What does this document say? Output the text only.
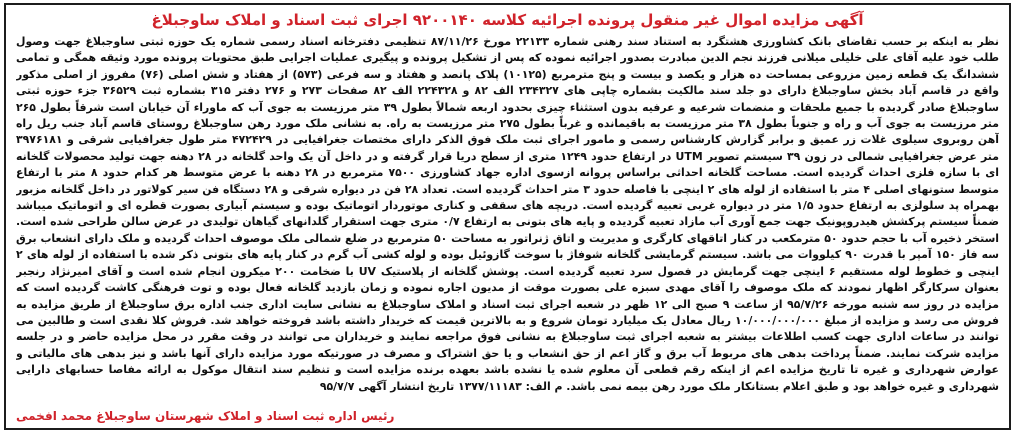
آگهی مزایده اموال غیر منقول پرونده اجرائیه کلاسه ۹۲۰۰۱۴۰ اجرای ثبت اسناد و املاک ساوجبلاغ
نظر به اینکه بر حسب تقاضای بانک کشاورزی هشتگرد به استناد سند رهنی شماره ۲۲۱۳۳ مورخ ۸۷/۱۱/۲۶ تنظیمی دفترخانه اسناد رسمی شماره یک حوزه ثبتی ساوجبلاغ جهت وصول طلب خود علیه آقای علی خلیلی میلانی فرزند نجم الدین مبادرت بصدور اجرائیه نموده که پس از تشکیل پرونده و پیگیری عملیات اجرایی طبق محتویات پرونده مورد وثیقه همگی و تمامی ششدانگ یک قطعه زمین مزروعی بمساحت ده هزار و یکصد و بیست و پنج مترمربع (۱۰۱۲۵) پلاک پانصد و هفتاد و سه فرعی (۵۷۳) از هفتاد و شش اصلی (۷۶) مفروز از اصلی مذکور واقع در قاسم آباد بخش ساوجبلاغ دارای دو جلد سند مالکیت بشماره چاپی های ۲۳۴۳۲۷ الف ۸۲ و ۲۲۴۳۲۸ الف ۸۲ صفحات ۲۷۳ و ۲۷۶ دفتر ۳۱۵ بشماره ثبت ۳۶۵۲۹ جزء حوزه ثبتی ساوجبلاغ صادر گردیده با جمیع ملحقات و منضمات شرعیه و عرفیه بدون استثناء چیزی بحدود اربعه شمالاً بطول ۳۹ متر مرزیست به جوی آب که ماوراء آن خیابان است شرقاً بطول ۲۶۵ متر مرزیست به جوی آب و راه و جنوباً بطول ۳۸ متر مرزیست به باقیمانده و غرباً بطول ۲۷۵ متر مرزیست به راه. به نشانی ملک مورد رهن ساوجبلاغ روستای قاسم آباد جنب ریل راه آهن روبروی سیلوی غلات زر عمیق و برابر گزارش کارشناس رسمی و مامور اجرای ثبت ملک فوق الذکر دارای مختصات جغرافیایی در ۴۷۲۴۲۹ متر طول جغرافیایی شرقی و ۳۹۷۶۱۸۱ متر عرض جغرافیایی شمالی در زون ۳۹ سیستم تصویر UTM در ارتفاع حدود ۱۲۴۹ متری از سطح دریا قرار گرفته و در داخل آن یک واحد گلخانه در ۲۸ دهنه جهت تولید محصولات گلخانه ای با سازه فلزی احداث گردیده است. مساحت گلخانه احداثی براساس پروانه ازسوی اداره جهاد کشاورزی ۷۵۰۰ مترمربع در ۲۸ دهنه با عرض متوسط هر کدام حدود ۸ متر با ارتفاع متوسط ستونهای اصلی ۴ متر با استفاده از لوله های ۲ اینچی با فاصله حدود ۳ متر احداث گردیده است. تعداد ۲۸ فن در دیواره شرقی و ۲۸ دستگاه فن سیر کولاتور در داخل گلخانه مزبور بهمراه پد سلولزی به ارتفاع حدود ۱/۵ متر در دیواره غربی تعبیه گردیده است. دریچه های سقفی و کناری موتوردار اتوماتیک بوده و سیستم آبیاری بصورت قطره ای و اتوماتیک میباشد ضمناً سیستم پرکشش هیدروپونیک جهت جمع آوری آب مازاد تعبیه گردیده و پایه های بتونی به ارتفاع ۰/۷ متری جهت استقرار گلدانهای گیاهان تولیدی در عرض سالن طراحی شده است. استخر ذخیره آب با حجم حدود ۵۰ مترمکعب در کنار اتاقهای کارگری و مدیریت و اتاق ژنراتور به مساحت ۵۰ مترمربع در ضلع شمالی ملک موصوف احداث گردیده و ملک دارای انشعاب برق سه فاز ۱۵۰ آمپر با قدرت ۹۰ کیلووات می باشد. سیستم گرمایشی گلخانه شوفاژ با سوخت گازوئیل بوده و لوله کشی آب گرم در کنار پایه های بتونی ذکر شده با استفاده از لوله های ۲ اینچی و خطوط لوله مستقیم ۶ اینچی جهت گرمایش در فصول سرد تعبیه گردیده است. پوشش گلخانه از پلاستیک UV با ضخامت ۲۰۰ میکرون انجام شده است و آقای امیرنژاد رنجبر بعنوان سرکارگر اظهار نمودند که ملک موصوف را آقای مهدی سبزه علی بصورت موقت از مدیون اجاره نموده و زمان بازدید گلخانه فعال بوده و توت فرهنگی کاشت گردیده است که مزایده در روز سه شنبه مورخه ۹۵/۷/۲۶ از ساعت ۹ صبح الی ۱۲ ظهر در شعبه اجرای ثبت اسناد و املاک ساوجبلاغ به نشانی سایت اداری جنب اداره برق ساوجبلاغ از طریق مزایده به فروش می رسد و مزایده از مبلغ ۱۰/۰۰۰/۰۰۰/۰۰۰ ریال معادل یک میلیارد تومان شروع و به بالاترین قیمت که خریدار داشته باشد فروخته خواهد شد. فروش کلا نقدی است و طالبین می توانند در ساعات اداری جهت کسب اطلاعات بیشتر به شعبه اجرای ثبت ساوجبلاغ به نشانی فوق مراجعه نمایند و خریداران می توانند در وقت مقرر در محل مزایده حاضر و در جلسه مزایده شرکت نمایند. ضمناً پرداخت بدهی های مربوط آب برق و گاز اعم از حق انشعاب و یا حق اشتراک و مصرف در صورتیکه مورد مزایده دارای آنها باشد و نیز بدهی های مالیاتی و عوارض شهرداری و غیره تا تاریخ مزایده اعم از اینکه رقم قطعی آن معلوم شده یا نشده باشد بعهده برنده مزایده است و تنظیم سند انتقال موکول به ارائه مفاصا حسابهای دارایی شهرداری و غیره خواهد بود و طبق اعلام بستانکار ملک مورد رهن بیمه نمی باشد. م الف: ۱۳۷۷/۱۱۱۸۳ تاریخ انتشار آگهی ۹۵/۷/۷
رئیس اداره ثبت اسناد و املاک شهرستان ساوجبلاغ محمد افخمی
